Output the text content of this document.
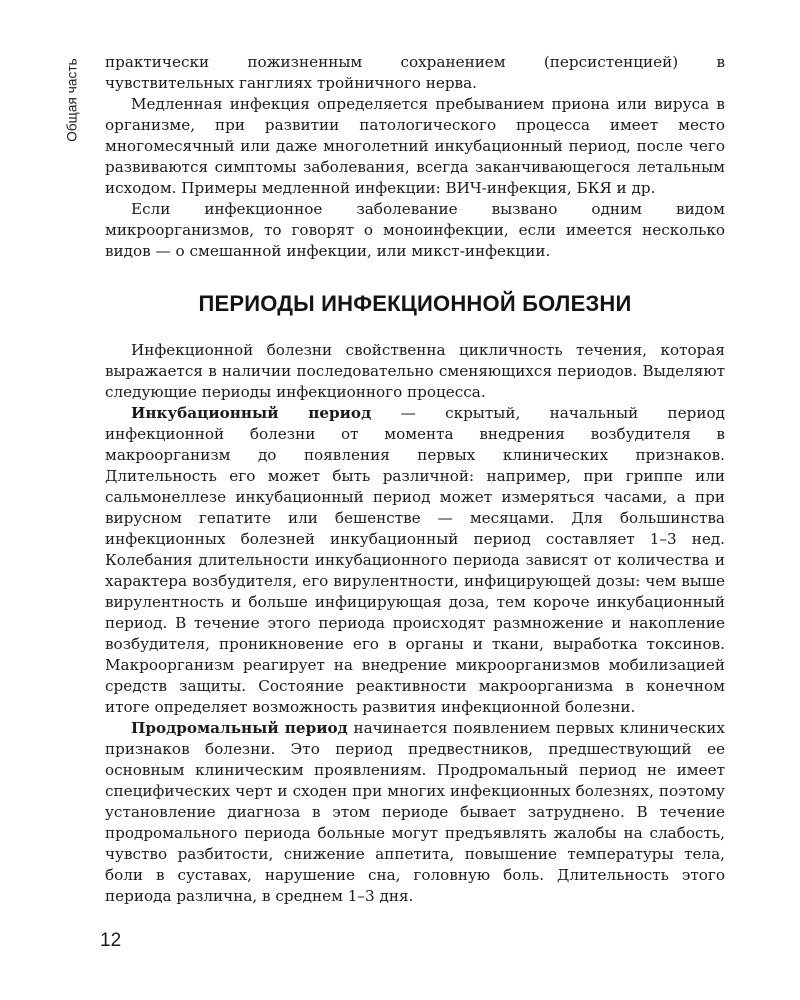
Общая часть практически пожизненным сохранением (персистенцией) в чувствительных ганглиях тройничного нерва.

Медленная инфекция определяется пребыванием приона или вируса в организме, при развитии патологического процесса имеет место многомесячный или даже многолетний инкубационный период, после чего развиваются симптомы заболевания, всегда заканчивающегося летальным исходом. Примеры медленной инфекции: ВИЧ-инфекция, БКЯ и др.

Если инфекционное заболевание вызвано одним видом микроорганизмов, то говорят о моноинфекции, если имеется несколько видов — о смешанной инфекции, или микст-инфекции.

ПЕРИОДЫ ИНФЕКЦИОННОЙ БОЛЕЗНИ

Инфекционной болезни свойственна цикличность течения, которая выражается в наличии последовательно сменяющихся периодов. Выделяют следующие периоды инфекционного процесса.

Инкубационный период — скрытый, начальный период инфекционной болезни от момента внедрения возбудителя в макроорганизм до появления первых клинических признаков. Длительность его может быть различной: например, при гриппе или сальмонеллезе инкубационный период может измеряться часами, а при вирусном гепатите или бешенстве — месяцами. Для большинства инфекционных болезней инкубационный период составляет 1–3 нед. Колебания длительности инкубационного периода зависят от количества и характера возбудителя, его вирулентности, инфицирующей дозы: чем выше вирулентность и больше инфицирующая доза, тем короче инкубационный период. В течение этого периода происходят размножение и накопление возбудителя, проникновение его в органы и ткани, выработка токсинов. Макроорганизм реагирует на внедрение микроорганизмов мобилизацией средств защиты. Состояние реактивности макроорганизма в конечном итоге определяет возможность развития инфекционной болезни.

Продромальный период начинается появлением первых клинических признаков болезни. Это период предвестников, предшествующий ее основным клиническим проявлениям. Продромальный период не имеет специфических черт и сходен при многих инфекционных болезнях, поэтому установление диагноза в этом периоде бывает затруднено. В течение продромального периода больные могут предъявлять жалобы на слабость, чувство разбитости, снижение аппетита, повышение температуры тела, боли в суставах, нарушение сна, головную боль. Длительность этого периода различна, в среднем 1–3 дня.

12
